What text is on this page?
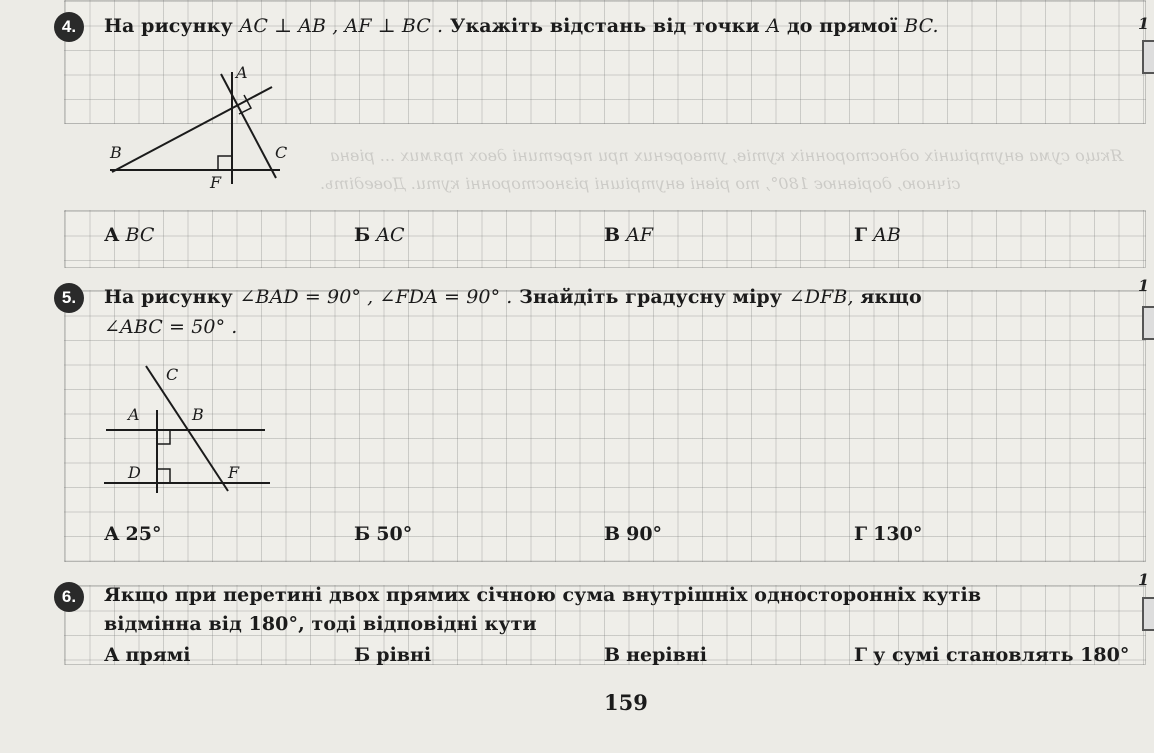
Якщо сума внутрішніх односторонніх кутів, утворених при перетині двох прямих ... рівна
січною, дорівнює 180°, то рівні внутрішні різносторонні кути. Доведіть.
4.	На рисунку AC ⊥ AB , AF ⊥ BC . Укажіть відстань від точки A до прямої BC.	1
A
B	C
F
А BC	Б AC	В AF	Г AB
5.	На рисунку ∠BAD = 90° , ∠FDA = 90° . Знайдіть градусну міру ∠DFB, якщо
∠ABC = 50° .
1
C
A	B
D	F
А 25°	Б 50°	В 90°	Г 130°
6.	Якщо при перетині двох прямих січною сума внутрішніх односторонніх кутів
відмінна від 180°, тоді відповідні кути
1
А прямі	Б рівні	В нерівні	Г у сумі становлять 180°
159
